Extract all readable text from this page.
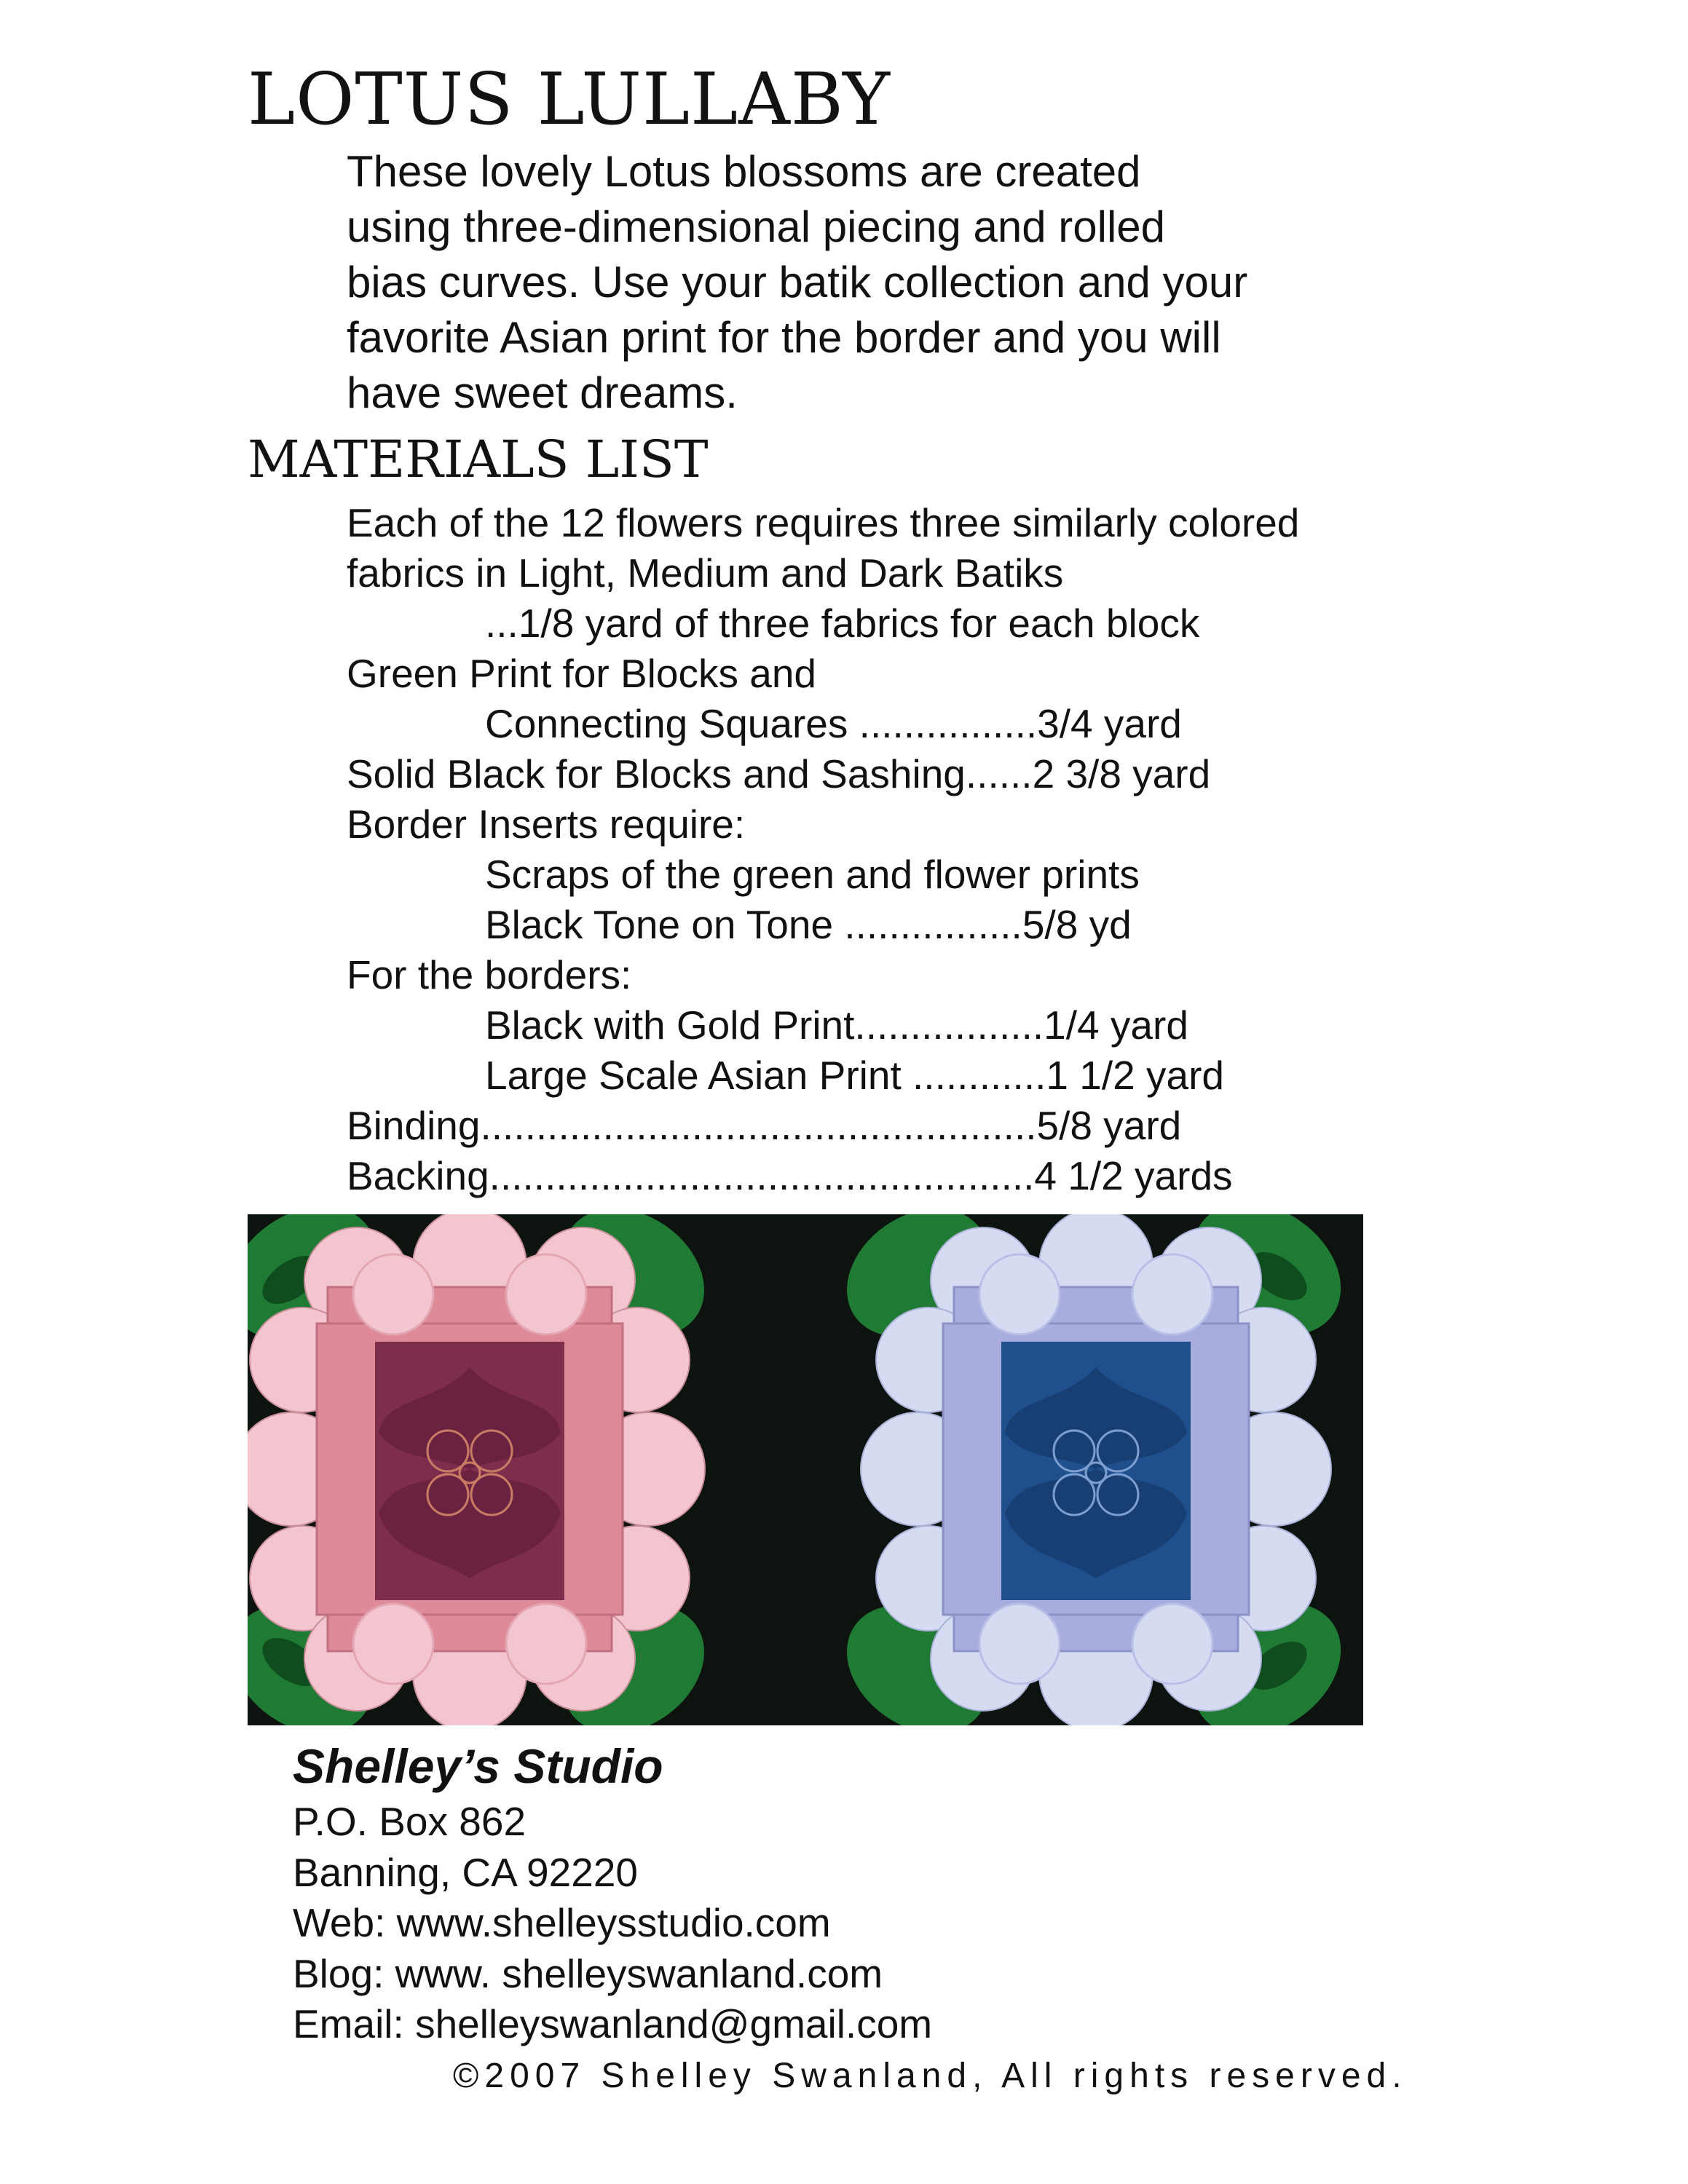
LOTUS LULLABY
These lovely Lotus blossoms are created
using three-dimensional piecing and rolled
bias curves. Use your batik collection and your
favorite Asian print for the border and you will
have sweet dreams.
MATERIALS LIST
Each of the 12 flowers requires three similarly colored
fabrics in Light, Medium and Dark Batiks
...1/8 yard of three fabrics for each block
Green Print for Blocks and
Connecting Squares ................3/4 yard
Solid Black for Blocks and Sashing......2 3/8 yard
Border Inserts require:
Scraps of the green and flower prints
Black Tone on Tone ................5/8 yd
For the borders:
Black with Gold Print.................1/4 yard
Large Scale Asian Print ............1 1/2 yard
Binding..................................................5/8 yard
Backing.................................................4 1/2 yards
Shelley’s Studio
P.O. Box 862
Banning, CA 92220
Web: www.shelleysstudio.com
Blog: www. shelleyswanland.com
Email: shelleyswanland@gmail.com
©2007 Shelley Swanland, All rights reserved.
